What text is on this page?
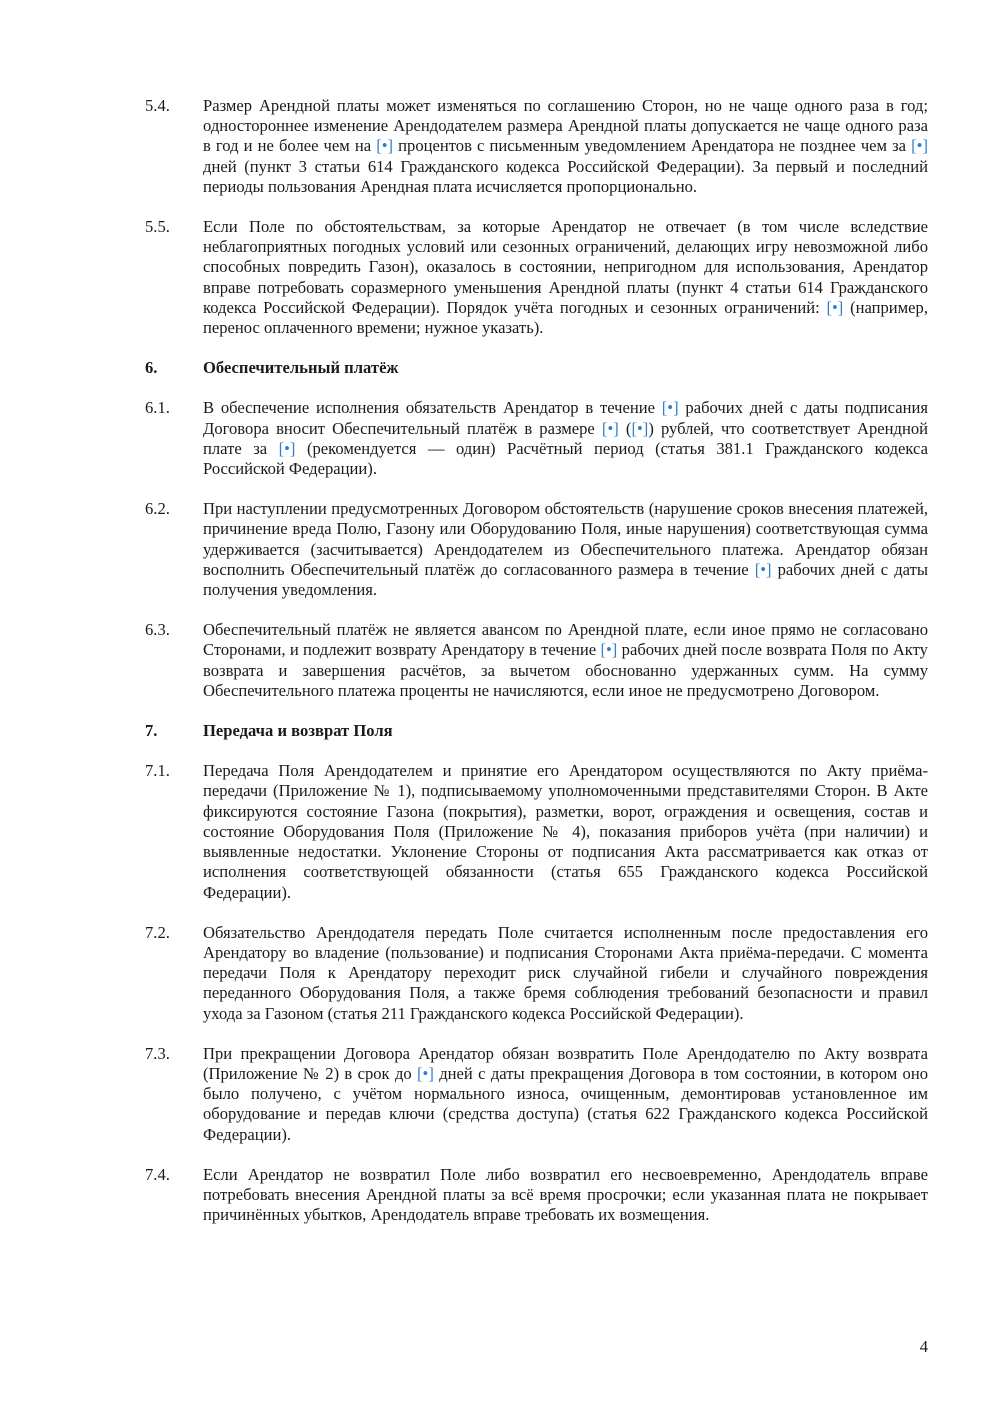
5.4.	Размер Арендной платы может изменяться по соглашению Сторон, но не чаще одного раза в год; одностороннее изменение Арендодателем размера Арендной платы допускается не чаще одного раза в год и не более чем на [•] процентов с письменным уведомлением Арендатора не позднее чем за [•] дней (пункт 3 статьи 614 Гражданского кодекса Российской Федерации). За первый и последний периоды пользования Арендная плата исчисляется пропорционально.
5.5.	Если Поле по обстоятельствам, за которые Арендатор не отвечает (в том числе вследствие неблагоприятных погодных условий или сезонных ограничений, делающих игру невозможной либо способных повредить Газон), оказалось в состоянии, непригодном для использования, Арендатор вправе потребовать соразмерного уменьшения Арендной платы (пункт 4 статьи 614 Гражданского кодекса Российской Федерации). Порядок учёта погодных и сезонных ограничений: [•] (например, перенос оплаченного времени; нужное указать).
6.	Обеспечительный платёж
6.1.	В обеспечение исполнения обязательств Арендатор в течение [•] рабочих дней с даты подписания Договора вносит Обеспечительный платёж в размере [•] ([•]) рублей, что соответствует Арендной плате за [•] (рекомендуется — один) Расчётный период (статья 381.1 Гражданского кодекса Российской Федерации).
6.2.	При наступлении предусмотренных Договором обстоятельств (нарушение сроков внесения платежей, причинение вреда Полю, Газону или Оборудованию Поля, иные нарушения) соответствующая сумма удерживается (засчитывается) Арендодателем из Обеспечительного платежа. Арендатор обязан восполнить Обеспечительный платёж до согласованного размера в течение [•] рабочих дней с даты получения уведомления.
6.3.	Обеспечительный платёж не является авансом по Арендной плате, если иное прямо не согласовано Сторонами, и подлежит возврату Арендатору в течение [•] рабочих дней после возврата Поля по Акту возврата и завершения расчётов, за вычетом обоснованно удержанных сумм. На сумму Обеспечительного платежа проценты не начисляются, если иное не предусмотрено Договором.
7.	Передача и возврат Поля
7.1.	Передача Поля Арендодателем и принятие его Арендатором осуществляются по Акту приёма-передачи (Приложение № 1), подписываемому уполномоченными представителями Сторон. В Акте фиксируются состояние Газона (покрытия), разметки, ворот, ограждения и освещения, состав и состояние Оборудования Поля (Приложение № 4), показания приборов учёта (при наличии) и выявленные недостатки. Уклонение Стороны от подписания Акта рассматривается как отказ от исполнения соответствующей обязанности (статья 655 Гражданского кодекса Российской Федерации).
7.2.	Обязательство Арендодателя передать Поле считается исполненным после предоставления его Арендатору во владение (пользование) и подписания Сторонами Акта приёма-передачи. С момента передачи Поля к Арендатору переходит риск случайной гибели и случайного повреждения переданного Оборудования Поля, а также бремя соблюдения требований безопасности и правил ухода за Газоном (статья 211 Гражданского кодекса Российской Федерации).
7.3.	При прекращении Договора Арендатор обязан возвратить Поле Арендодателю по Акту возврата (Приложение № 2) в срок до [•] дней с даты прекращения Договора в том состоянии, в котором оно было получено, с учётом нормального износа, очищенным, демонтировав установленное им оборудование и передав ключи (средства доступа) (статья 622 Гражданского кодекса Российской Федерации).
7.4.	Если Арендатор не возвратил Поле либо возвратил его несвоевременно, Арендодатель вправе потребовать внесения Арендной платы за всё время просрочки; если указанная плата не покрывает причинённых убытков, Арендодатель вправе требовать их возмещения.
4
